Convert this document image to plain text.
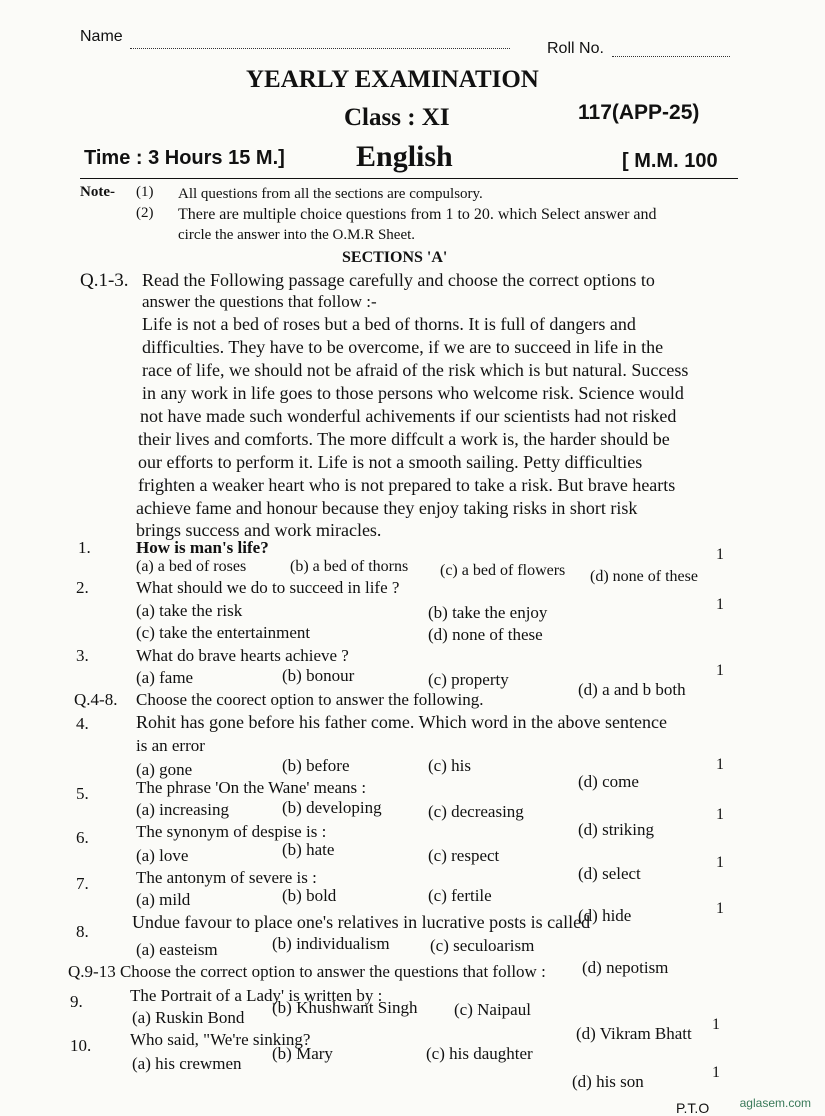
Name
Roll No.
YEARLY EXAMINATION
Class : XI	117(APP-25)
Time : 3 Hours 15 M.] English	[ M.M. 100
Note- (1) All questions from all the sections are compulsory.
(2) There are multiple choice questions from 1 to 20. which Select answer and
circle the answer into the O.M.R Sheet.
SECTIONS 'A'
Q.1-3. Read the Following passage carefully and choose the correct options to
answer the questions that follow :-
Life is not a bed of roses but a bed of thorns. It is full of dangers and
difficulties. They have to be overcome, if we are to succeed in life in the
race of life, we should not be afraid of the risk which is but natural. Success
in any work in life goes to those persons who welcome risk. Science would
not have made such wonderful achivements if our scientists had not risked
their lives and comforts. The more diffcult a work is, the harder should be
our efforts to perform it. Life is not a smooth sailing. Petty difficulties
frighten a weaker heart who is not prepared to take a risk. But brave hearts
achieve fame and honour because they enjoy taking risks in short risk
brings success and work miracles.
1.	How is man's life?	1
(a) a bed of roses	(b) a bed of thorns (c) a bed of flowers (d) none of these
2.	What should we do to succeed in life ?
1
(a) take the risk	(b) take the enjoy
(c) take the entertainment	(d) none of these
3.	What do brave hearts achieve ?
1
(a) fame	(b) bonour	(c) property
(d) a and b both
Q.4-8. Choose the coorect option to answer the following.
4.	Rohit has gone before his father come. Which word in the above sentence
is an error
1
(a) gone	(b) before	(c) his
(d) come
5.	The phrase 'On the Wane' means :
1
(a) increasing	(b) developing	(c) decreasing
(d) striking
6.	The synonym of despise is :
1
(a) love	(b) hate	(c) respect
(d) select
7.	The antonym of severe is :
1
(a) mild	(b) bold	(c) fertile
(d) hide
8. Undue favour to place one's relatives in lucrative posts is called
(a) easteism	(b) individualism (c) seculoarism
(d) nepotism
Q.9-13 Choose the correct option to answer the questions that follow :
9.	The Portrait of a Lady' is written by :
1
(a) Ruskin Bond
(b) Khushwant Singh (c) Naipaul
(d) Vikram Bhatt
10. Who said, "We're sinking?
1
(a) his crewmen
(b) Mary	(c) his daughter
(d) his son
P.T.O	aglasem.com
